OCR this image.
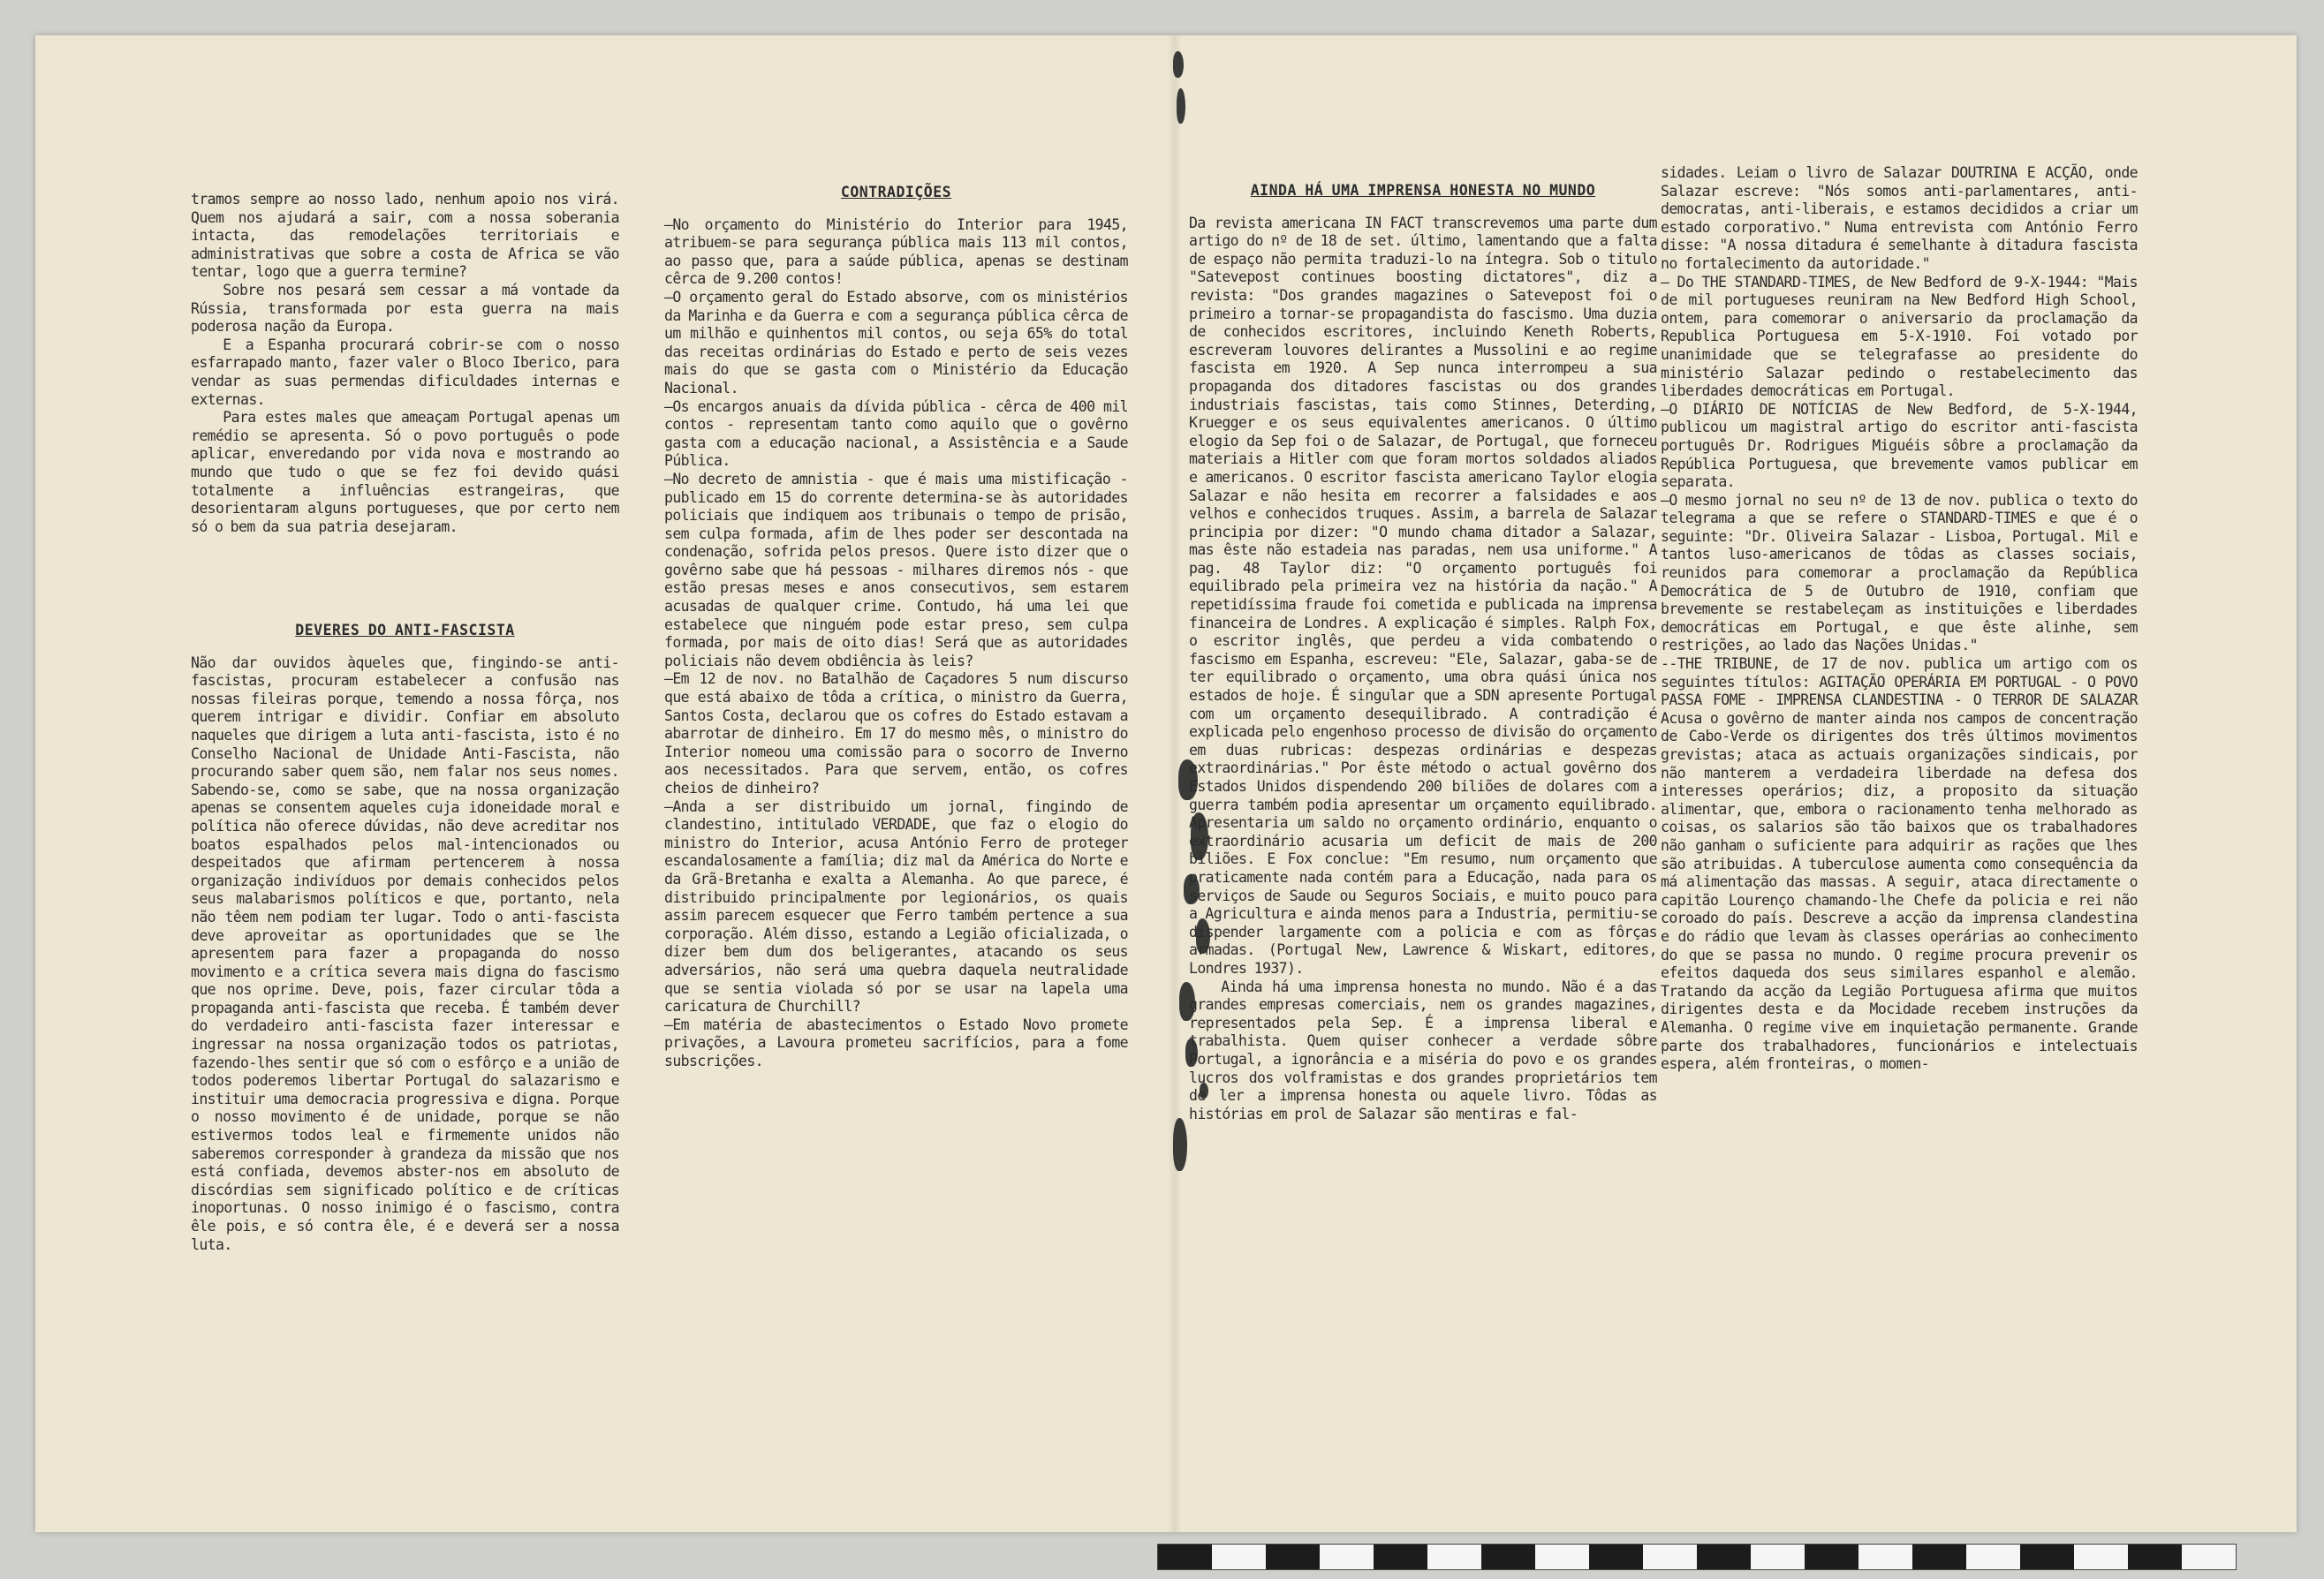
tramos sempre ao nosso lado, nenhum apoio nos virá. Quem nos ajudará a sair, com a nossa soberania intacta, das remodelações territoriais e administrativas que sobre a costa de Africa se vão tentar, logo que a guerra termine?

Sobre nos pesará sem cessar a má vontade da Rússia, transformada por esta guerra na mais poderosa nação da Europa.

E a Espanha procurará cobrir-se com o nosso esfarrapado manto, fazer valer o Bloco Iberico, para vendar as suas permendas dificuldades internas e externas.

Para estes males que ameaçam Portugal apenas um remédio se apresenta. Só o povo português o pode aplicar, enveredando por vida nova e mostrando ao mundo que tudo o que se fez foi devido quási totalmente a influências estrangeiras, que desorientaram alguns portugueses, que por certo nem só o bem da sua patria desejaram.

DEVERES DO ANTI-FASCISTA

Não dar ouvidos àqueles que, fingindo-se anti-fascistas, procuram estabelecer a confusão nas nossas fileiras porque, temendo a nossa fôrça, nos querem intrigar e dividir. Confiar em absoluto naqueles que dirigem a luta anti-fascista, isto é no Conselho Nacional de Unidade Anti-Fascista, não procurando saber quem são, nem falar nos seus nomes. Sabendo-se, como se sabe, que na nossa organização apenas se consentem aqueles cuja idoneidade moral e política não oferece dúvidas, não deve acreditar nos boatos espalhados pelos mal-intencionados ou despeitados que afirmam pertencerem à nossa organização indivíduos por demais conhecidos pelos seus malabarismos políticos e que, portanto, nela não têem nem podiam ter lugar. Todo o anti-fascista deve aproveitar as oportunidades que se lhe apresentem para fazer a propaganda do nosso movimento e a crítica severa mais digna do fascismo que nos oprime. Deve, pois, fazer circular tôda a propaganda anti-fascista que receba. É também dever do verdadeiro anti-fascista fazer interessar e ingressar na nossa organização todos os patriotas, fazendo-lhes sentir que só com o esfôrço e a união de todos poderemos libertar Portugal do salazarismo e instituir uma democracia progressiva e digna. Porque o nosso movimento é de unidade, porque se não estivermos todos leal e firmemente unidos não saberemos corresponder à grandeza da missão que nos está confiada, devemos abster-nos em absoluto de discórdias sem significado político e de críticas inoportunas. O nosso inimigo é o fascismo, contra êle pois, e só contra êle, é e deverá ser a nossa luta.

CONTRADIÇÕES

—No orçamento do Ministério do Interior para 1945, atribuem-se para segurança pública mais 113 mil contos, ao passo que, para a saúde pública, apenas se destinam cêrca de 9.200 contos!

—O orçamento geral do Estado absorve, com os ministérios da Marinha e da Guerra e com a segurança pública cêrca de um milhão e quinhentos mil contos, ou seja 65% do total das receitas ordinárias do Estado e perto de seis vezes mais do que se gasta com o Ministério da Educação Nacional.

—Os encargos anuais da dívida pública - cêrca de 400 mil contos - representam tanto como aquilo que o govêrno gasta com a educação nacional, a Assistência e a Saude Pública.

—No decreto de amnistia - que é mais uma mistificação - publicado em 15 do corrente determina-se às autoridades policiais que indiquem aos tribunais o tempo de prisão, sem culpa formada, afim de lhes poder ser descontada na condenação, sofrida pelos presos. Quere isto dizer que o govêrno sabe que há pessoas - milhares diremos nós - que estão presas meses e anos consecutivos, sem estarem acusadas de qualquer crime. Contudo, há uma lei que estabelece que ninguém pode estar preso, sem culpa formada, por mais de oito dias! Será que as autoridades policiais não devem obdiência às leis?

—Em 12 de nov. no Batalhão de Caçadores 5 num discurso que está abaixo de tôda a crítica, o ministro da Guerra, Santos Costa, declarou que os cofres do Estado estavam a abarrotar de dinheiro. Em 17 do mesmo mês, o ministro do Interior nomeou uma comissão para o socorro de Inverno aos necessitados. Para que servem, então, os cofres cheios de dinheiro?

—Anda a ser distribuido um jornal, fingindo de clandestino, intitulado VERDADE, que faz o elogio do ministro do Interior, acusa António Ferro de proteger escandalosamente a família; diz mal da América do Norte e da Grã-Bretanha e exalta a Alemanha. Ao que parece, é distribuido principalmente por legionários, os quais assim parecem esquecer que Ferro também pertence a sua corporação. Além disso, estando a Legião oficializada, o dizer bem dum dos beligerantes, atacando os seus adversários, não será uma quebra daquela neutralidade que se sentia violada só por se usar na lapela uma caricatura de Churchill?

—Em matéria de abastecimentos o Estado Novo promete privações, a Lavoura prometeu sacrifícios, para a fome subscrições.

AINDA HÁ UMA IMPRENSA HONESTA NO MUNDO

Da revista americana IN FACT transcrevemos uma parte dum artigo do nº de 18 de set. último, lamentando que a falta de espaço não permita traduzi-lo na íntegra. Sob o titulo "Satevepost continues boosting dictatores", diz a revista: "Dos grandes magazines o Satevepost foi o primeiro a tornar-se propagandista do fascismo. Uma duzia de conhecidos escritores, incluindo Keneth Roberts, escreveram louvores delirantes a Mussolini e ao regime fascista em 1920. A Sep nunca interrompeu a sua propaganda dos ditadores fascistas ou dos grandes industriais fascistas, tais como Stinnes, Deterding, Kruegger e os seus equivalentes americanos. O último elogio da Sep foi o de Salazar, de Portugal, que forneceu materiais a Hitler com que foram mortos soldados aliados e americanos. O escritor fascista americano Taylor elogia Salazar e não hesita em recorrer a falsidades e aos velhos e conhecidos truques. Assim, a barrela de Salazar principia por dizer: "O mundo chama ditador a Salazar, mas êste não estadeia nas paradas, nem usa uniforme." A pag. 48 Taylor diz: "O orçamento português foi equilibrado pela primeira vez na história da nação." A repetidíssima fraude foi cometida e publicada na imprensa financeira de Londres. A explicação é simples. Ralph Fox, o escritor inglês, que perdeu a vida combatendo o fascismo em Espanha, escreveu: "Ele, Salazar, gaba-se de ter equilibrado o orçamento, uma obra quási única nos estados de hoje. É singular que a SDN apresente Portugal com um orçamento desequilibrado. A contradição é explicada pelo engenhoso processo de divisão do orçamento em duas rubricas: despezas ordinárias e despezas extraordinárias." Por êste método o actual govêrno dos Estados Unidos dispendendo 200 biliões de dolares com a guerra também podia apresentar um orçamento equilibrado. Apresentaria um saldo no orçamento ordinário, enquanto o extraordinário acusaria um deficit de mais de 200 biliões. E Fox conclue: "Em resumo, num orçamento que praticamente nada contém para a Educação, nada para os serviços de Saude ou Seguros Sociais, e muito pouco para a Agricultura e ainda menos para a Industria, permitiu-se dispender largamente com a policia e com as fôrças armadas. (Portugal New, Lawrence & Wiskart, editores, Londres 1937).

Ainda há uma imprensa honesta no mundo. Não é a das grandes empresas comerciais, nem os grandes magazines, representados pela Sep. É a imprensa liberal e trabalhista. Quem quiser conhecer a verdade sôbre Portugal, a ignorância e a miséria do povo e os grandes lucros dos volframistas e dos grandes proprietários tem de ler a imprensa honesta ou aquele livro. Tôdas as histórias em prol de Salazar são mentiras e fal-

sidades. Leiam o livro de Salazar DOUTRINA E ACÇÃO, onde Salazar escreve: "Nós somos anti-parlamentares, anti-democratas, anti-liberais, e estamos decididos a criar um estado corporativo." Numa entrevista com António Ferro disse: "A nossa ditadura é semelhante à ditadura fascista no fortalecimento da autoridade."

— Do THE STANDARD-TIMES, de New Bedford de 9-X-1944: "Mais de mil portugueses reuniram na New Bedford High School, ontem, para comemorar o aniversario da proclamação da Republica Portuguesa em 5-X-1910. Foi votado por unanimidade que se telegrafasse ao presidente do ministério Salazar pedindo o restabelecimento das liberdades democráticas em Portugal.

—O DIÁRIO DE NOTÍCIAS de New Bedford, de 5-X-1944, publicou um magistral artigo do escritor anti-fascista português Dr. Rodrigues Miguéis sôbre a proclamação da República Portuguesa, que brevemente vamos publicar em separata.

—O mesmo jornal no seu nº de 13 de nov. publica o texto do telegrama a que se refere o STANDARD-TIMES e que é o seguinte: "Dr. Oliveira Salazar - Lisboa, Portugal. Mil e tantos luso-americanos de tôdas as classes sociais, reunidos para comemorar a proclamação da República Democrática de 5 de Outubro de 1910, confiam que brevemente se restabeleçam as instituições e liberdades democráticas em Portugal, e que êste alinhe, sem restrições, ao lado das Nações Unidas."

--THE TRIBUNE, de 17 de nov. publica um artigo com os seguintes títulos: AGITAÇÃO OPERÁRIA EM PORTUGAL - O POVO PASSA FOME - IMPRENSA CLANDESTINA - O TERROR DE SALAZAR Acusa o govêrno de manter ainda nos campos de concentração de Cabo-Verde os dirigentes dos três últimos movimentos grevistas; ataca as actuais organizações sindicais, por não manterem a verdadeira liberdade na defesa dos interesses operários; diz, a proposito da situação alimentar, que, embora o racionamento tenha melhorado as coisas, os salarios são tão baixos que os trabalhadores não ganham o suficiente para adquirir as rações que lhes são atribuidas. A tuberculose aumenta como consequência da má alimentação das massas. A seguir, ataca directamente o capitão Lourenço chamando-lhe Chefe da policia e rei não coroado do país. Descreve a acção da imprensa clandestina e do rádio que levam às classes operárias ao conhecimento do que se passa no mundo. O regime procura prevenir os efeitos daqueda dos seus similares espanhol e alemão. Tratando da acção da Legião Portuguesa afirma que muitos dirigentes desta e da Mocidade recebem instruções da Alemanha. O regime vive em inquietação permanente. Grande parte dos trabalhadores, funcionários e intelectuais espera, além fronteiras, o momen-
